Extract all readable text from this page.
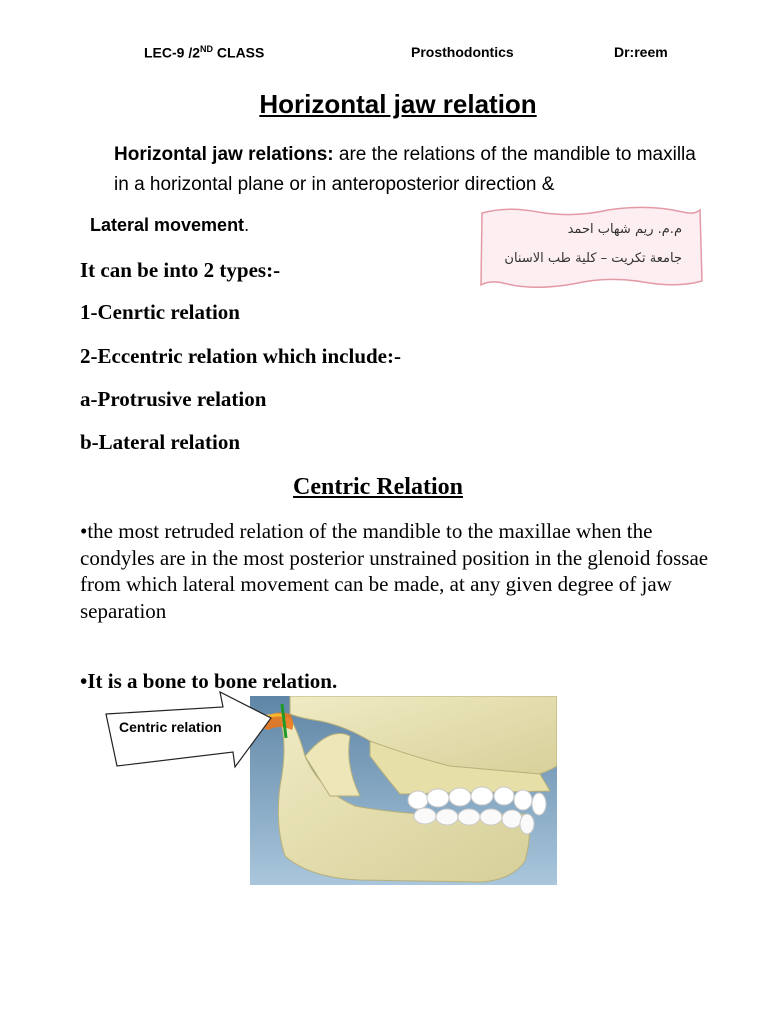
LEC-9 /2ND CLASS	Prosthodontics	Dr:reem
Horizontal jaw relation
Horizontal jaw relations: are the relations of the mandible to maxilla in a horizontal plane or in anteroposterior direction &
Lateral movement.	م.م. ريم شهاب احمد
جامعة تكريت – كلية طب الاسنان
It can be into 2 types:-
1-Cenrtic relation
2-Eccentric relation which include:-
a-Protrusive relation
b-Lateral relation
Centric Relation
•the most retruded relation of the mandible to the maxillae when the condyles are in the most posterior unstrained position in the glenoid fossae from which lateral movement can be made, at any given degree of jaw separation
Centric relation
•It is a bone to bone relation.
